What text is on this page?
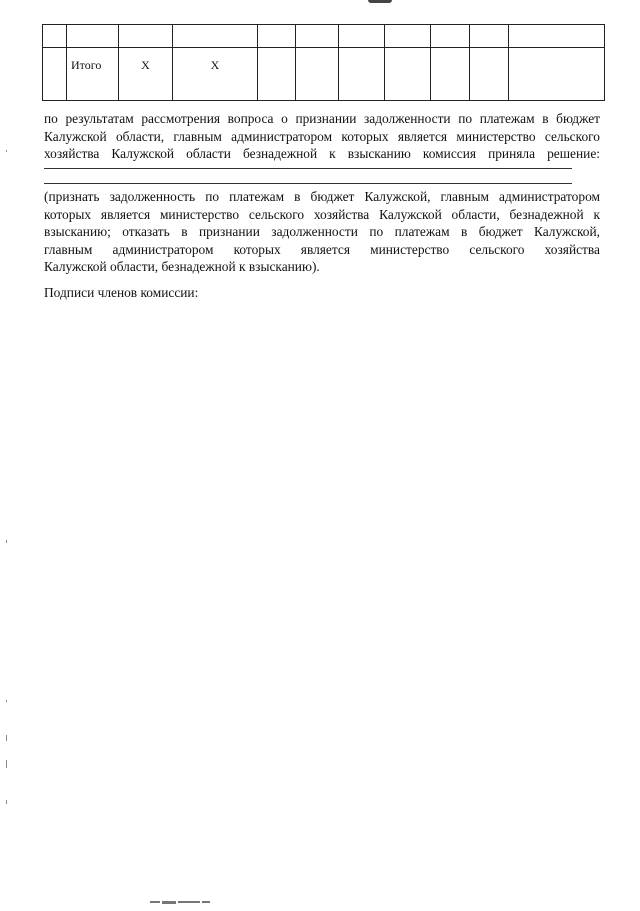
	Итого	Х	Х							
по результатам рассмотрения вопроса о признании задолженности по платежам в бюджет
Калужской области, главным администратором которых является министерство сельского
хозяйства Калужской области безнадежной к взысканию комиссия приняла решение:
(признать задолженность по платежам в бюджет Калужской, главным администратором
которых является министерство сельского хозяйства Калужской области, безнадежной к
взысканию; отказать в признании задолженности по платежам в бюджет Калужской,
главным администратором которых является министерство сельского хозяйства
Калужской области, безнадежной к взысканию).

Подписи членов комиссии:
